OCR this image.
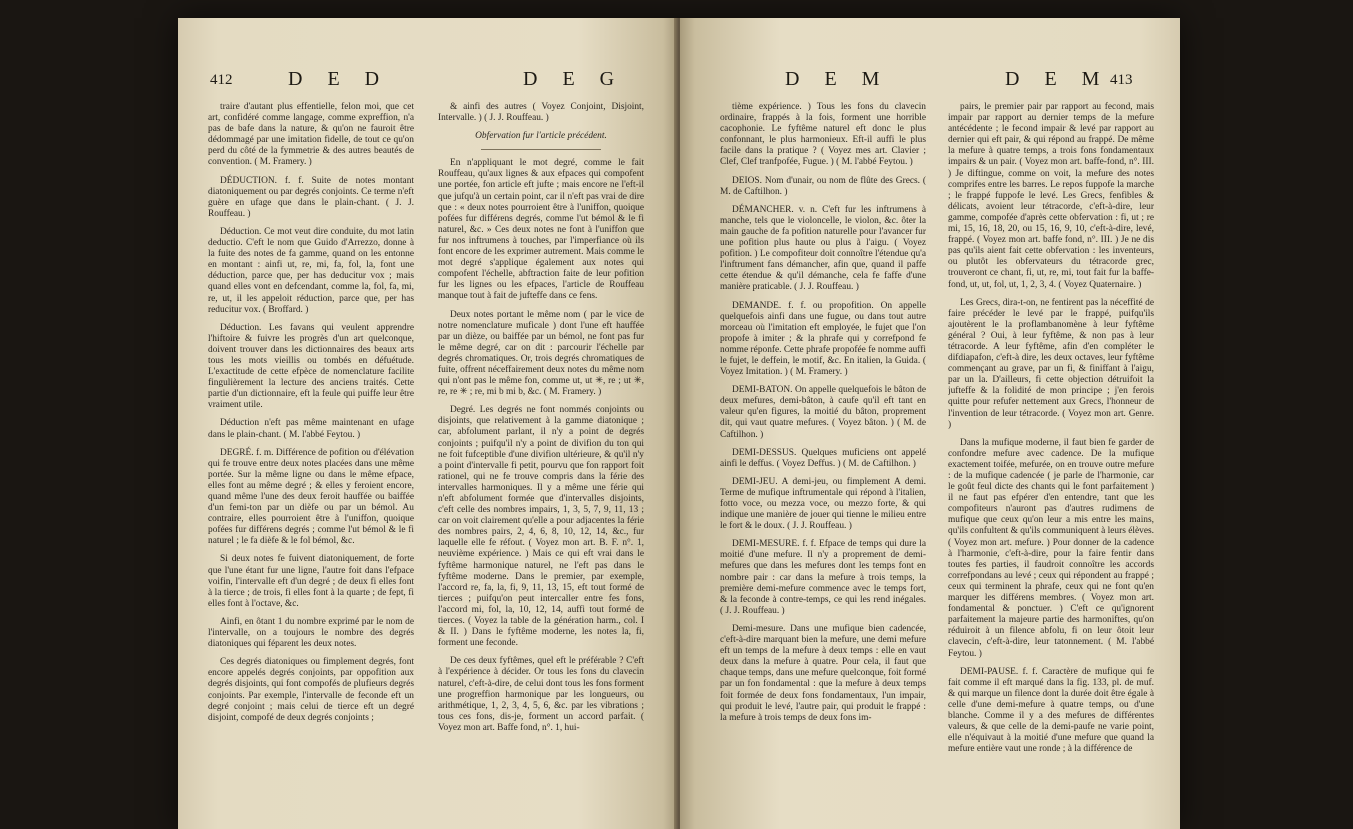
412	D E D	D E G

traire d'autant plus effentielle, felon moi, que cet art, confidéré comme langage, comme expreffion, n'a pas de bafe dans la nature, & qu'on ne fauroit être dédommagé par une imitation fidelle, de tout ce qu'on perd du côté de la fymmetrie & des autres beautés de convention. ( M. Framery. )

DÉDUCTION. f. f. Suite de notes montant diatoniquement ou par degrés conjoints. Ce terme n'eft guère en ufage que dans le plain-chant. ( J. J. Rouffeau. )

Déduction. Ce mot veut dire conduite, du mot latin deductio. C'eft le nom que Guido d'Arrezzo, donne à la fuite des notes de fa gamme, quand on les entonne en montant : ainfi ut, re, mi, fa, fol, la, font une déduction, parce que, per has deducitur vox ; mais quand elles vont en defcendant, comme la, fol, fa, mi, re, ut, il les appeloit réduction, parce que, per has reducitur vox. ( Broffard. )

Déduction. Les favans qui veulent apprendre l'hiftoire & fuivre les progrès d'un art quelconque, doivent trouver dans les dictionnaires des beaux arts tous les mots vieillis ou tombés en défuétude. L'exactitude de cette efpèce de nomenclature facilite fingulièrement la lecture des anciens traités. Cette partie d'un dictionnaire, eft la feule qui puiffe leur être vraiment utile.

Déduction n'eft pas même maintenant en ufage dans le plain-chant. ( M. l'abbé Feytou. )

DEGRÉ. f. m. Différence de pofition ou d'élévation qui fe trouve entre deux notes placées dans une même portée. Sur la même ligne ou dans le même efpace, elles font au même degré ; & elles y feroient encore, quand même l'une des deux feroit hauffée ou baiffée d'un femi-ton par un dièfe ou par un bémol. Au contraire, elles pourroient être à l'uniffon, quoique pofées fur différens degrés ; comme l'ut bémol & le fi naturel ; le fa dièfe & le fol bémol, &c.

Si deux notes fe fuivent diatoniquement, de forte que l'une étant fur une ligne, l'autre foit dans l'efpace voifin, l'intervalle eft d'un degré ; de deux fi elles font à la tierce ; de trois, fi elles font à la quarte ; de fept, fi elles font à l'octave, &c.

Ainfi, en ôtant 1 du nombre exprimé par le nom de l'intervalle, on a toujours le nombre des degrés diatoniques qui féparent les deux notes.

Ces degrés diatoniques ou fimplement degrés, font encore appelés degrés conjoints, par oppofition aux degrés disjoints, qui font compofés de plufieurs degrés conjoints. Par exemple, l'intervalle de feconde eft un degré conjoint ; mais celui de tierce eft un degré disjoint, compofé de deux degrés conjoints ;

& ainfi des autres ( Voyez Conjoint, Disjoint, Intervalle. ) ( J. J. Rouffeau. )

Obfervation fur l'article précédent.

En n'appliquant le mot degré, comme le fait Rouffeau, qu'aux lignes & aux efpaces qui compofent une portée, fon article eft jufte ; mais encore ne l'eft-il que jufqu'à un certain point, car il n'eft pas vrai de dire que : « deux notes pourroient être à l'uniffon, quoique pofées fur différens degrés, comme l'ut bémol & le fi naturel, &c. » Ces deux notes ne font à l'uniffon que fur nos inftrumens à touches, par l'imperfiance où ils font encore de les exprimer autrement. Mais comme le mot degré s'applique également aux notes qui compofent l'échelle, abftraction faite de leur pofition fur les lignes ou les efpaces, l'article de Rouffeau manque tout à fait de jufteffe dans ce fens.

Deux notes portant le même nom ( par le vice de notre nomenclature muficale ) dont l'une eft hauffée par un dièze, ou baiffée par un bémol, ne font pas fur le même degré, car on dit : parcourir l'échelle par degrés chromatiques. Or, trois degrés chromatiques de fuite, offrent néceffairement deux notes du même nom qui n'ont pas le même fon, comme ut, ut ✳, re ; ut ✳, re, re ✳ ; re, mi b mi b, &c. ( M. Framery. )

Degré. Les degrés ne font nommés conjoints ou disjoints, que relativement à la gamme diatonique ; car, abfolument parlant, il n'y a point de degrés conjoints ; puifqu'il n'y a point de divifion du ton qui ne foit fufceptible d'une divifion ultérieure, & qu'il n'y a point d'intervalle fi petit, pourvu que fon rapport foit rationel, qui ne fe trouve compris dans la férie des intervalles harmoniques. Il y a même une férie qui n'eft abfolument formée que d'intervalles disjoints, c'eft celle des nombres impairs, 1, 3, 5, 7, 9, 11, 13 ; car on voit clairement qu'elle a pour adjacentes la férie des nombres pairs, 2, 4, 6, 8, 10, 12, 14, &c., fur laquelle elle fe réfout. ( Voyez mon art. B. F. n°. 1, neuvième expérience. ) Mais ce qui eft vrai dans le fyftême harmonique naturel, ne l'eft pas dans le fyftême moderne. Dans le premier, par exemple, l'accord re, fa, la, fi, 9, 11, 13, 15, eft tout formé de tierces ; puifqu'on peut intercaller entre fes fons, l'accord mi, fol, la, 10, 12, 14, auffi tout formé de tierces. ( Voyez la table de la génération harm., col. I & II. ) Dans le fyftême moderne, les notes la, fi, forment une feconde.

De ces deux fyftêmes, quel eft le préférable ? C'eft à l'expérience à décider. Or tous les fons du clavecin naturel, c'eft-à-dire, de celui dont tous les fons forment une progreffion harmonique par les longueurs, ou arithmétique, 1, 2, 3, 4, 5, 6, &c. par les vibrations ; tous ces fons, dis-je, forment un accord parfait. ( Voyez mon art. Baffe fond, n°. 1, hui-

D E M	D E M 413

tième expérience. ) Tous les fons du clavecin ordinaire, frappés à la fois, forment une horrible cacophonie. Le fyftême naturel eft donc le plus confonnant, le plus harmonieux. Eft-il auffi le plus facile dans la pratique ? ( Voyez mes art. Clavier ; Clef, Clef tranfpofée, Fugue. ) ( M. l'abbé Feytou. )

DEIOS. Nom d'unair, ou nom de flûte des Grecs. ( M. de Caftilhon. )

DÉMANCHER. v. n. C'eft fur les inftrumens à manche, tels que le violoncelle, le violon, &c. ôter la main gauche de fa pofition naturelle pour l'avancer fur une pofition plus haute ou plus à l'aigu. ( Voyez pofition. ) Le compofiteur doit connoître l'étendue qu'a l'inftrument fans démancher, afin que, quand il paffe cette étendue & qu'il démanche, cela fe faffe d'une manière praticable. ( J. J. Rouffeau. )

DEMANDE. f. f. ou propofition. On appelle quelquefois ainfi dans une fugue, ou dans tout autre morceau où l'imitation eft employée, le fujet que l'on propofe à imiter ; & la phrafe qui y correfpond fe nomme réponfe. Cette phrafe propofée fe nomme auffi le fujet, le deffein, le motif, &c. En italien, la Guida. ( Voyez Imitation. ) ( M. Framery. )

DEMI-BATON. On appelle quelquefois le bâton de deux mefures, demi-bâton, à caufe qu'il eft tant en valeur qu'en figures, la moitié du bâton, proprement dit, qui vaut quatre mefures. ( Voyez bâton. ) ( M. de Caftilhon. )

DEMI-DESSUS. Quelques muficiens ont appelé ainfi le deffus. ( Voyez Deffus. ) ( M. de Caftilhon. )

DEMI-JEU. A demi-jeu, ou fimplement A demi. Terme de mufique inftrumentale qui répond à l'italien, fotto voce, ou mezza voce, ou mezzo forte, & qui indique une manière de jouer qui tienne le milieu entre le fort & le doux. ( J. J. Rouffeau. )

DEMI-MESURE. f. f. Efpace de temps qui dure la moitié d'une mefure. Il n'y a proprement de demi-mefures que dans les mefures dont les temps font en nombre pair : car dans la mefure à trois temps, la première demi-mefure commence avec le temps fort, & la feconde à contre-temps, ce qui les rend inégales. ( J. J. Rouffeau. )

Demi-mesure. Dans une mufique bien cadencée, c'eft-à-dire marquant bien la mefure, une demi mefure eft un temps de la mefure à deux temps : elle en vaut deux dans la mefure à quatre. Pour cela, il faut que chaque temps, dans une mefure quelconque, foit formé par un fon fondamental : que la mefure à deux temps foit formée de deux fons fondamentaux, l'un impair, qui produit le levé, l'autre pair, qui produit le frappé : la mefure à trois temps de deux fons im-

pairs, le premier pair par rapport au fecond, mais impair par rapport au dernier temps de la mefure antécédente ; le fecond impair & levé par rapport au dernier qui eft pair, & qui répond au frappé. De même la mefure à quatre temps, a trois fons fondamentaux impairs & un pair. ( Voyez mon art. baffe-fond, n°. III. ) Je diftingue, comme on voit, la mefure des notes comprifes entre les barres. Le repos fuppofe la marche ; le frappé fuppofe le levé. Les Grecs, fenfibles & délicats, avoient leur tétracorde, c'eft-à-dire, leur gamme, compofée d'après cette obfervation : fi, ut ; re mi, 15, 16, 18, 20, ou 15, 16, 9, 10, c'eft-à-dire, levé, frappé. ( Voyez mon art. baffe fond, n°. III. ) Je ne dis pas qu'ils aient fait cette obfervation : les inventeurs, ou plutôt les obfervateurs du tétracorde grec, trouveront ce chant, fi, ut, re, mi, tout fait fur la baffe-fond, ut, ut, fol, ut, 1, 2, 3, 4. ( Voyez Quaternaire. )

Les Grecs, dira-t-on, ne fentirent pas la néceffité de faire précéder le levé par le frappé, puifqu'ils ajoutèrent le la proflambanomène à leur fyftême général ? Oui, à leur fyftême, & non pas à leur tétracorde. A leur fyftême, afin d'en compléter le difdiapafon, c'eft-à dire, les deux octaves, leur fyftême commençant au grave, par un fi, & finiffant à l'aigu, par un la. D'ailleurs, fi cette objection détruifoit la jufteffe & la folidité de mon principe ; j'en ferois quitte pour refufer nettement aux Grecs, l'honneur de l'invention de leur tétracorde. ( Voyez mon art. Genre. )

Dans la mufique moderne, il faut bien fe garder de confondre mefure avec cadence. De la mufique exactement toifée, mefurée, on en trouve outre mefure : de la mufique cadencée ( je parle de l'harmonie, car le goût feul dicte des chants qui le font parfaitement ) il ne faut pas efpérer d'en entendre, tant que les compofiteurs n'auront pas d'autres rudimens de mufique que ceux qu'on leur a mis entre les mains, qu'ils confultent & qu'ils communiquent à leurs élèves. ( Voyez mon art. mefure. ) Pour donner de la cadence à l'harmonie, c'eft-à-dire, pour la faire fentir dans toutes fes parties, il faudroit connoître les accords correfpondans au levé ; ceux qui répondent au frappé ; ceux qui terminent la phrafe, ceux qui ne font qu'en marquer les différens membres. ( Voyez mon art. fondamental & ponctuer. ) C'eft ce qu'ignorent parfaitement la majeure partie des harmoniftes, qu'on réduiroit à un filence abfolu, fi on leur ôtoit leur clavecin, c'eft-à-dire, leur tatonnement. ( M. l'abbé Feytou. )

DEMI-PAUSE. f. f. Caractère de mufique qui fe fait comme il eft marqué dans la fig. 133, pl. de muf. & qui marque un filence dont la durée doit être égale à celle d'une demi-mefure à quatre temps, ou d'une blanche. Comme il y a des mefures de différentes valeurs, & que celle de la demi-paufe ne varie point, elle n'équivaut à la moitié d'une mefure que quand la mefure entière vaut une ronde ; à la différence de
